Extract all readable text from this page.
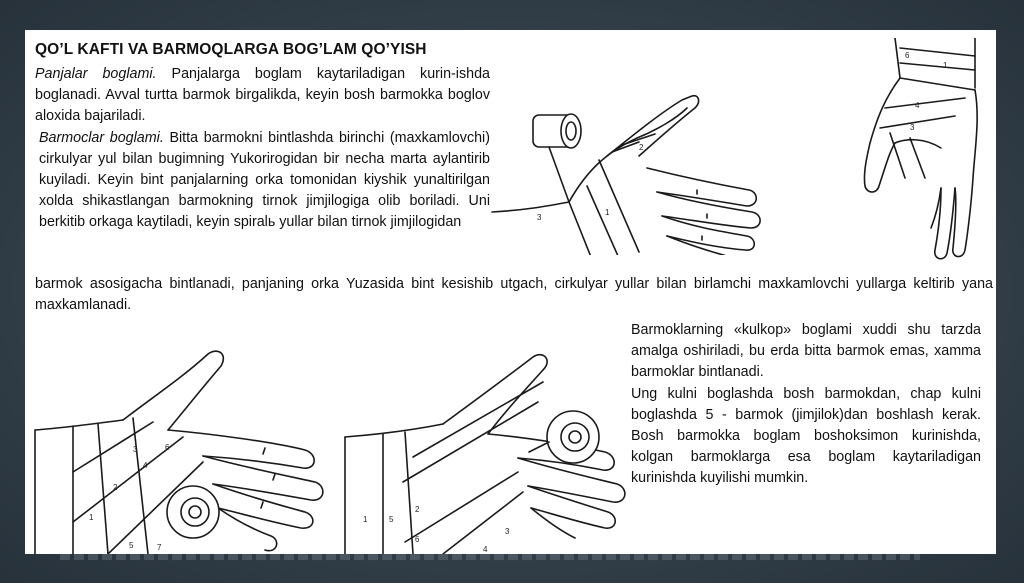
QO’L KAFTI VA BARMOQLARGA BOG’LAM QO’YISH
Panjalar boglami. Panjalarga boglam kaytariladigan kurin-ishda boglanadi. Avval turtta barmok birgalikda, keyin bosh barmokka boglov aloxida bajariladi.
Barmoclar boglami. Bitta barmokni bintlashda birinchi (maxkamlovchi) cirkulyar yul bilan bugimning Yukorirogidan bir necha marta aylantirib kuyiladi. Keyin bint panjalarning orka tomonidan kiyshik yunaltirilgan xolda shikastlangan barmokning tirnok jimjilogiga olib boriladi. Uni berkitib orkaga kaytiladi, keyin spiralь yullar bilan tirnok jimjilogidan
barmok asosigacha bintlanadi, panjaning orka Yuzasida bint kesishib utgach, cirkulyar yullar bilan birlamchi maxkamlovchi yullarga keltirib yana maxkamlanadi.
Barmoklarning «kulkop» boglami xuddi shu tarzda amalga oshiriladi, bu erda bitta barmok emas, xamma barmoklar bintlanadi.
Ung kulni boglashda bosh barmokdan, chap kulni boglashda 5 - barmok (jimjilok)dan boshlash kerak. Bosh barmokka boglam boshoksimon kurinishda, kolgan barmoklarga esa boglam kaytariladigan kurinishda kuyilishi mumkin.
3
1
2
6
1
4
3
6
3
4
2
1
5	7
1	5
2
6
4
3
